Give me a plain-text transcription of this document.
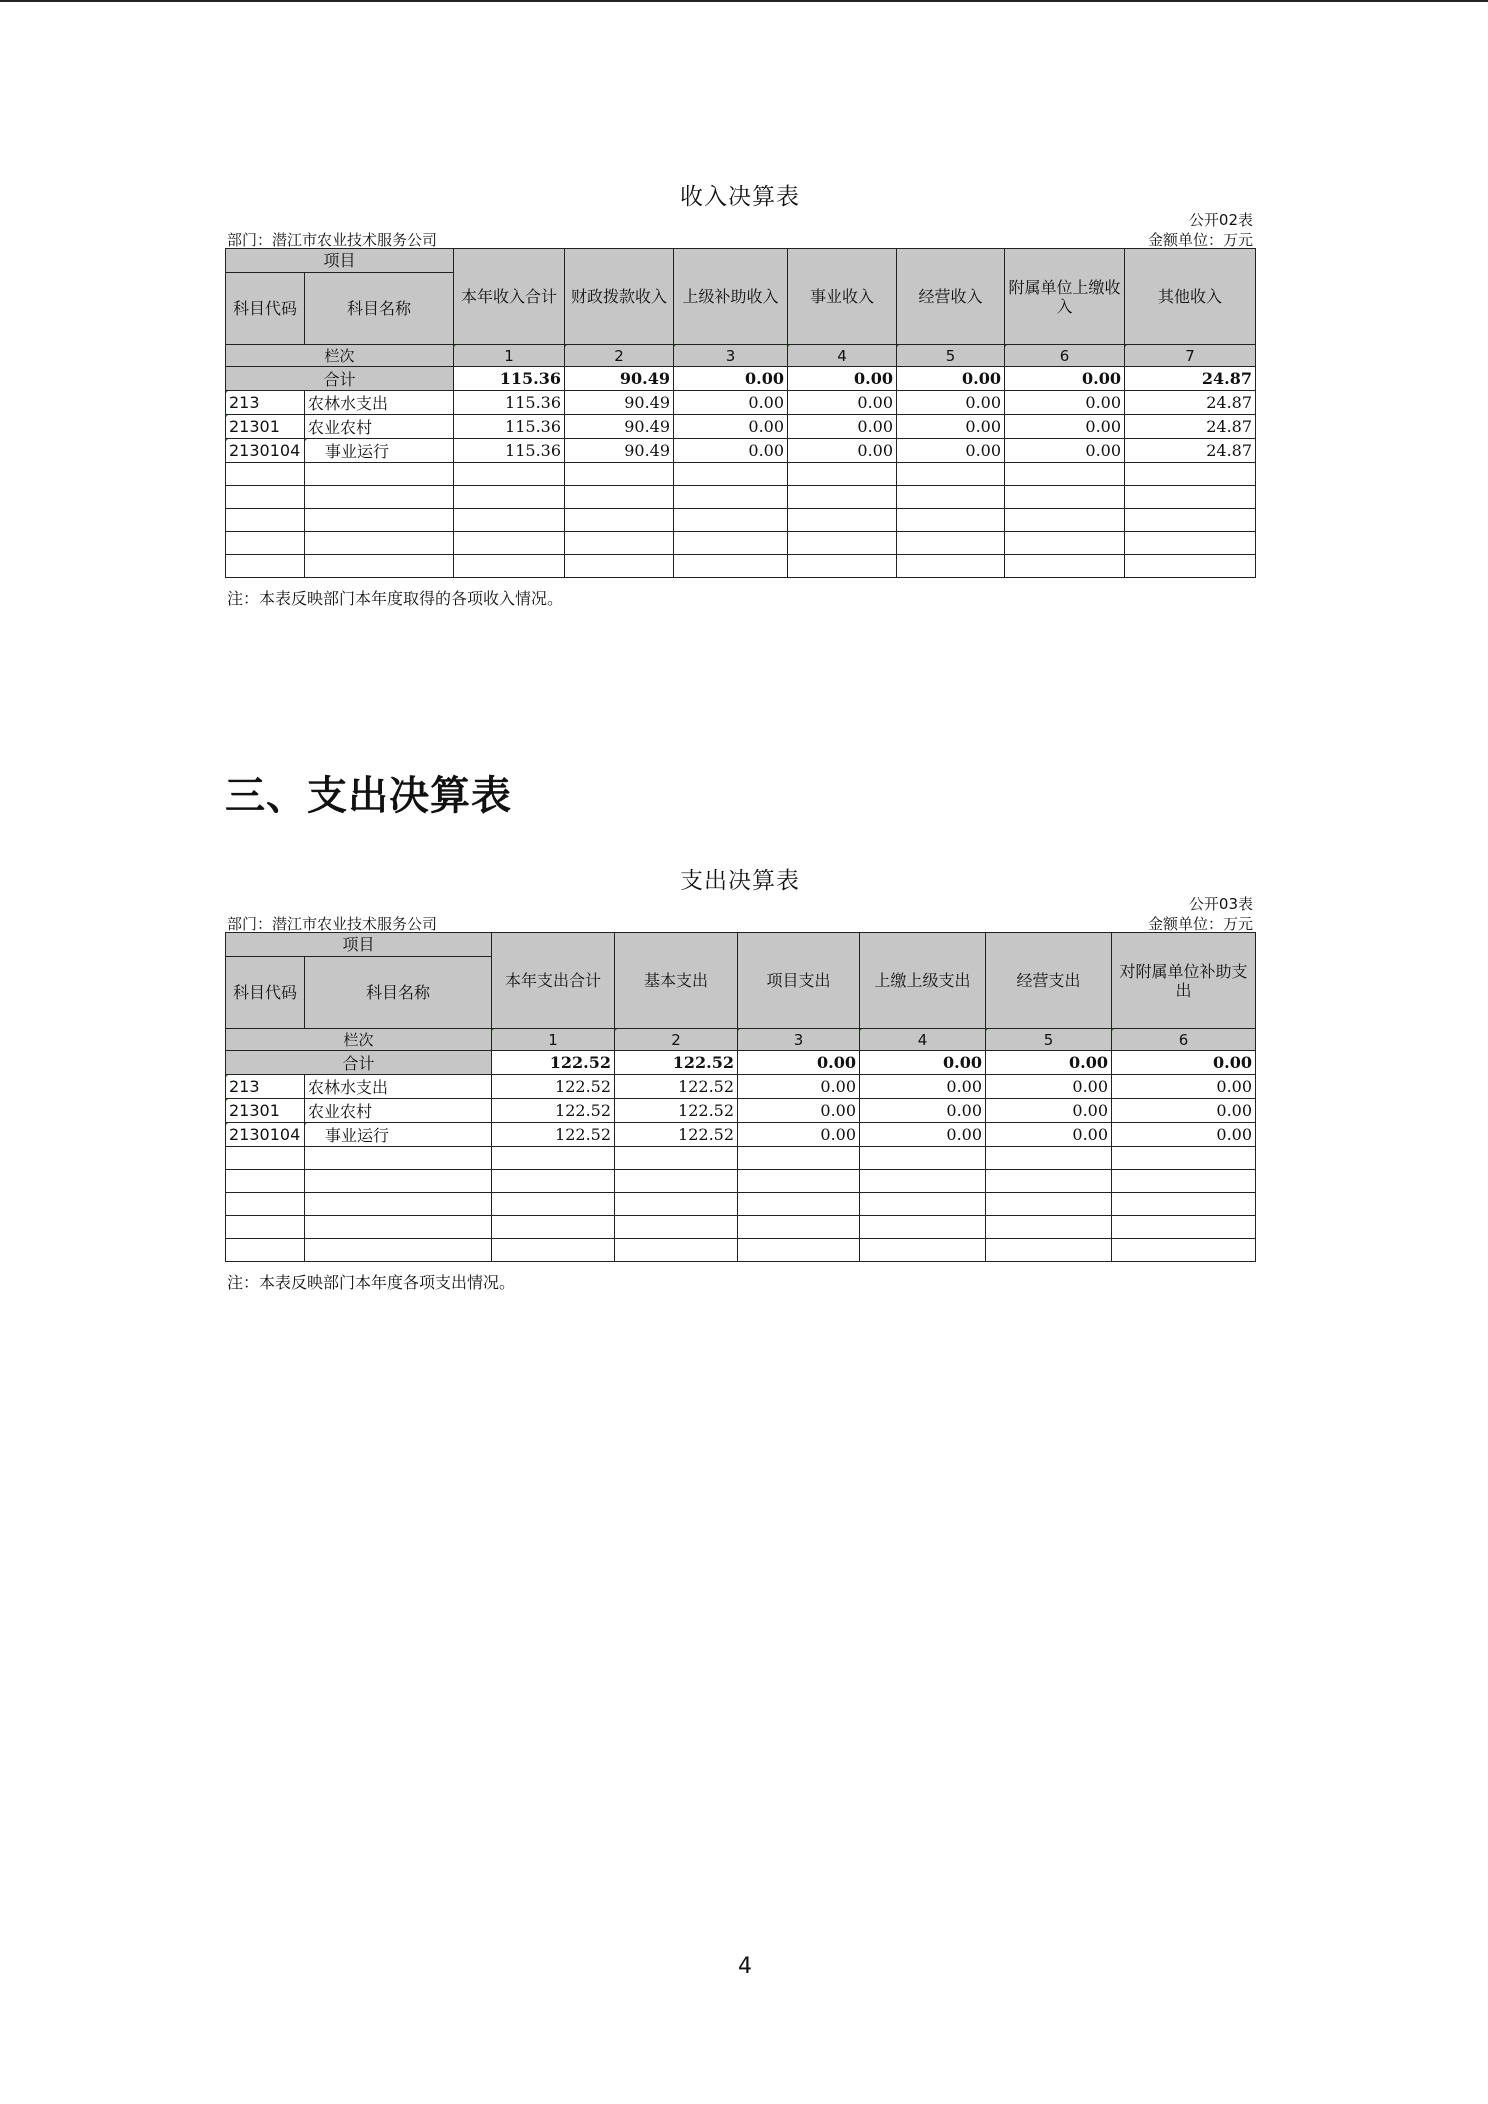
收入决算表
公开02表
部门：潜江市农业技术服务公司	金额单位：万元
项目		本年收入合计	财政拨款收入	上级补助收入	事业收入	经营收入	附属单位上缴收入	其他收入
科目代码	科目名称							
栏次		1	2	3	4	5	6	7
合计		115.36	90.49	0.00	0.00	0.00	0.00	24.87
213	农林水支出	115.36	90.49	0.00	0.00	0.00	0.00	24.87
21301	农业农村	115.36	90.49	0.00	0.00	0.00	0.00	24.87
2130104	事业运行	115.36	90.49	0.00	0.00	0.00	0.00	24.87

注：本表反映部门本年度取得的各项收入情况。
三、支出决算表
支出决算表
公开03表
部门：潜江市农业技术服务公司	金额单位：万元
项目		本年支出合计	基本支出	项目支出	上缴上级支出	经营支出	对附属单位补助支出
科目代码	科目名称						
栏次		1	2	3	4	5	6
合计		122.52	122.52	0.00	0.00	0.00	0.00
213	农林水支出	122.52	122.52	0.00	0.00	0.00	0.00
21301	农业农村	122.52	122.52	0.00	0.00	0.00	0.00
2130104	事业运行	122.52	122.52	0.00	0.00	0.00	0.00

注：本表反映部门本年度各项支出情况。
4
